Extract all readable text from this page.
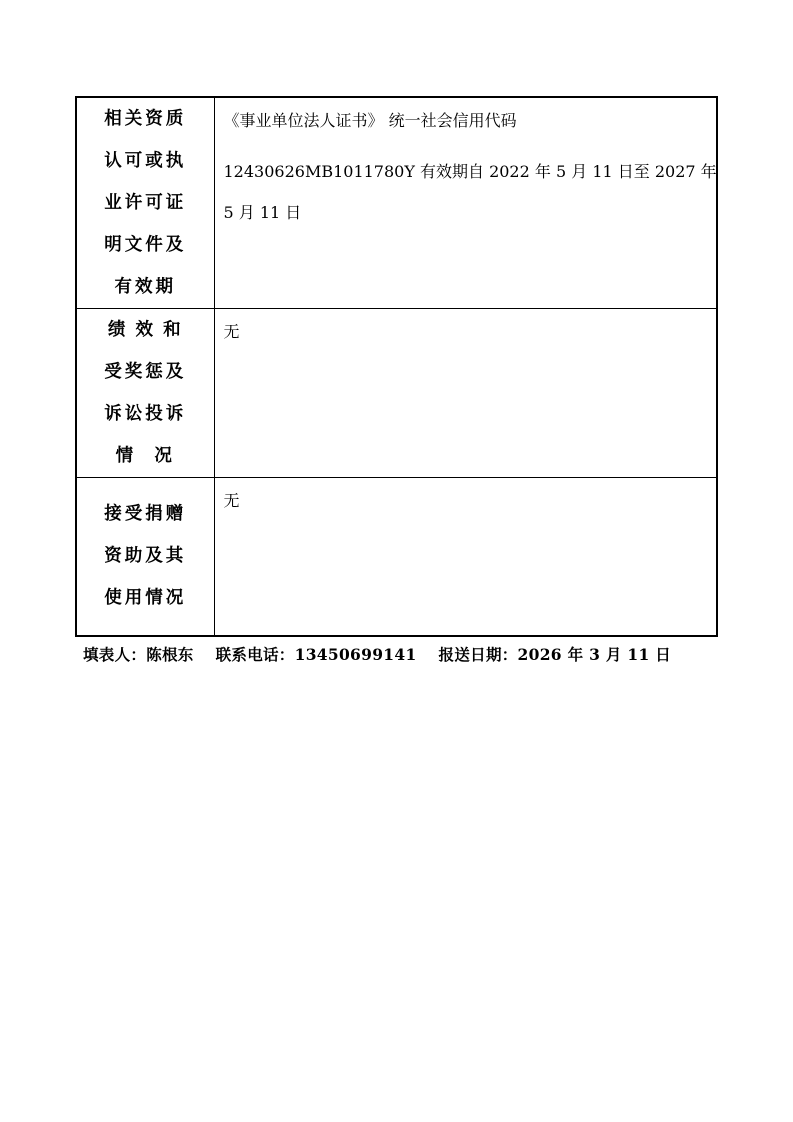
相关资质
认可或执
业许可证
明文件及
有效期	《事业单位法人证书》 统一社会信用代码
12430626MB1011780Y 有效期自 2022 年 5 月 11 日至 2027 年
5 月 11 日

绩 效 和
受奖惩及
诉讼投诉
情  况	无

接受捐赠
资助及其
使用情况	无
填表人：陈根东 联系电话：13450699141 报送日期：2026 年 3 月 11 日
